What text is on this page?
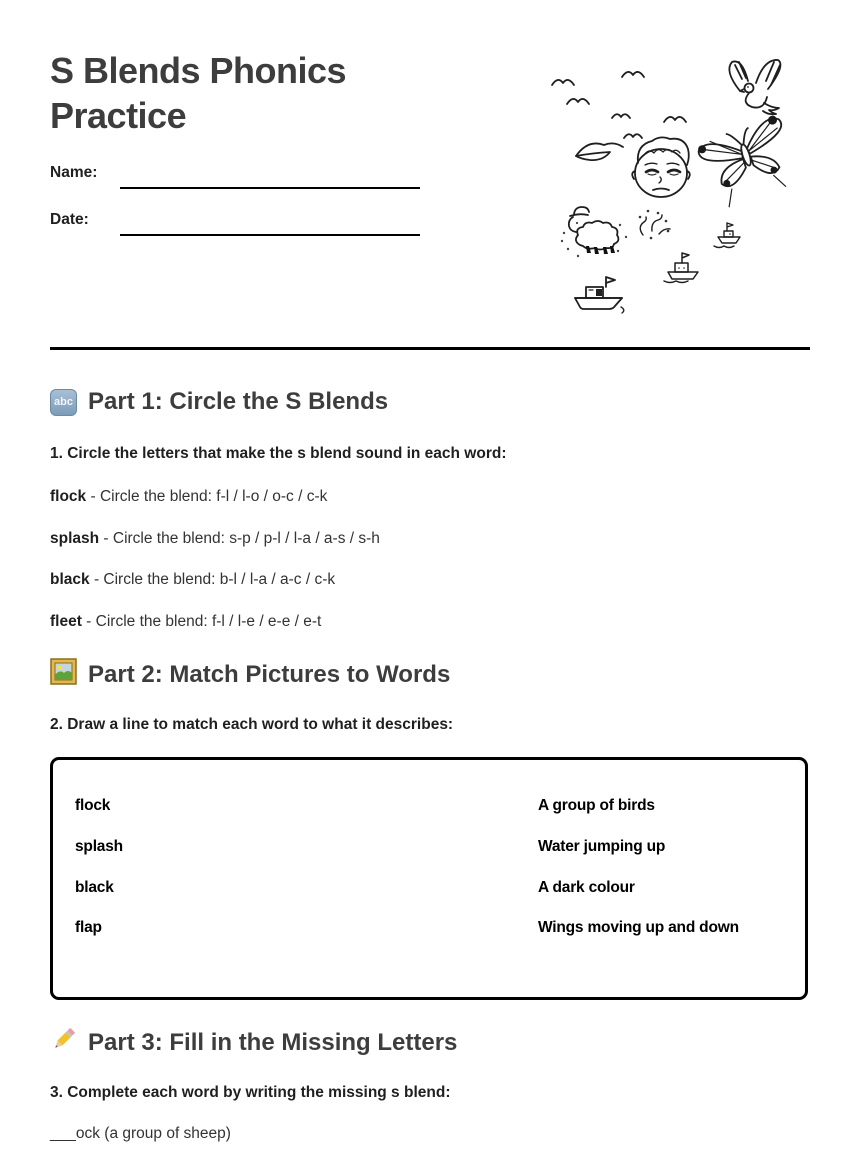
S Blends Phonics Practice
Name:
Date:
abc Part 1: Circle the S Blends
1. Circle the letters that make the s blend sound in each word:
flock - Circle the blend: f-l / l-o / o-c / c-k
splash - Circle the blend: s-p / p-l / l-a / a-s / s-h
black - Circle the blend: b-l / l-a / a-c / c-k
fleet - Circle the blend: f-l / l-e / e-e / e-t
Part 2: Match Pictures to Words
2. Draw a line to match each word to what it describes:
flock
splash
black
flap
A group of birds
Water jumping up
A dark colour
Wings moving up and down
Part 3: Fill in the Missing Letters
3. Complete each word by writing the missing s blend:
___ock (a group of sheep)
